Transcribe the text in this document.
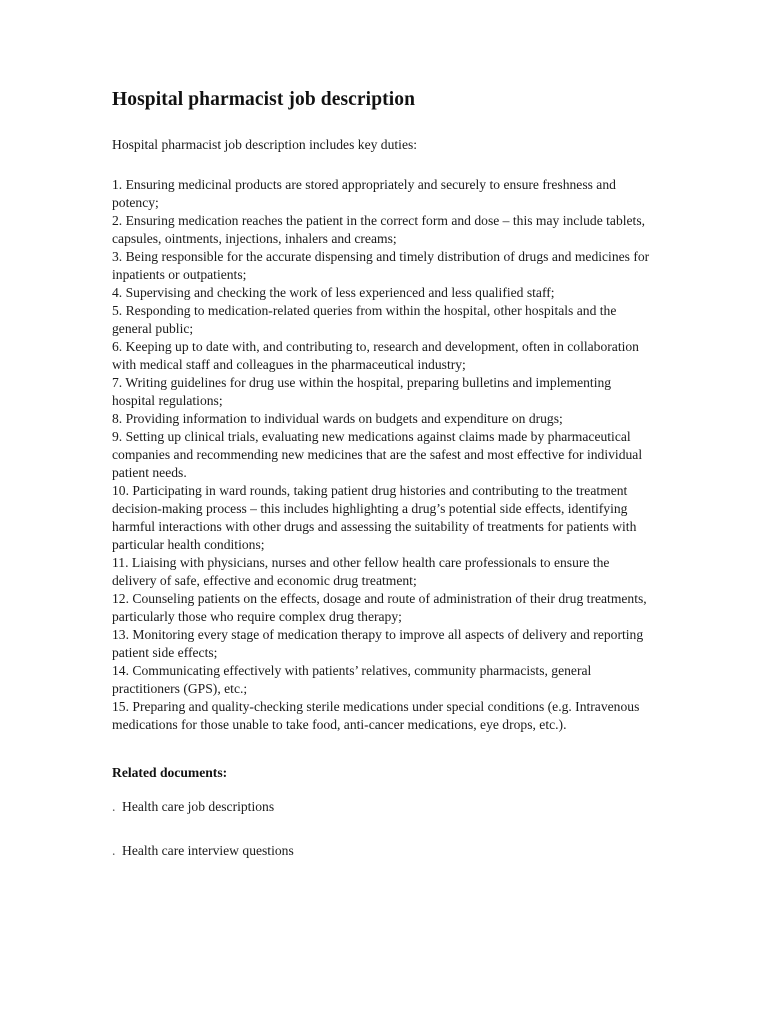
Hospital pharmacist job description

Hospital pharmacist job description includes key duties:

1. Ensuring medicinal products are stored appropriately and securely to ensure freshness and potency;
2. Ensuring medication reaches the patient in the correct form and dose – this may include tablets, capsules, ointments, injections, inhalers and creams;
3. Being responsible for the accurate dispensing and timely distribution of drugs and medicines for inpatients or outpatients;
4. Supervising and checking the work of less experienced and less qualified staff;
5. Responding to medication-related queries from within the hospital, other hospitals and the general public;
6. Keeping up to date with, and contributing to, research and development, often in collaboration with medical staff and colleagues in the pharmaceutical industry;
7. Writing guidelines for drug use within the hospital, preparing bulletins and implementing hospital regulations;
8. Providing information to individual wards on budgets and expenditure on drugs;
9. Setting up clinical trials, evaluating new medications against claims made by pharmaceutical companies and recommending new medicines that are the safest and most effective for individual patient needs.
10. Participating in ward rounds, taking patient drug histories and contributing to the treatment decision-making process – this includes highlighting a drug’s potential side effects, identifying harmful interactions with other drugs and assessing the suitability of treatments for patients with particular health conditions;
11. Liaising with physicians, nurses and other fellow health care professionals to ensure the delivery of safe, effective and economic drug treatment;
12. Counseling patients on the effects, dosage and route of administration of their drug treatments, particularly those who require complex drug therapy;
13. Monitoring every stage of medication therapy to improve all aspects of delivery and reporting patient side effects;
14. Communicating effectively with patients’ relatives, community pharmacists, general practitioners (GPS), etc.;
15. Preparing and quality-checking sterile medications under special conditions (e.g. Intravenous medications for those unable to take food, anti-cancer medications, eye drops, etc.).
Related documents:
. Health care job descriptions
. Health care interview questions
